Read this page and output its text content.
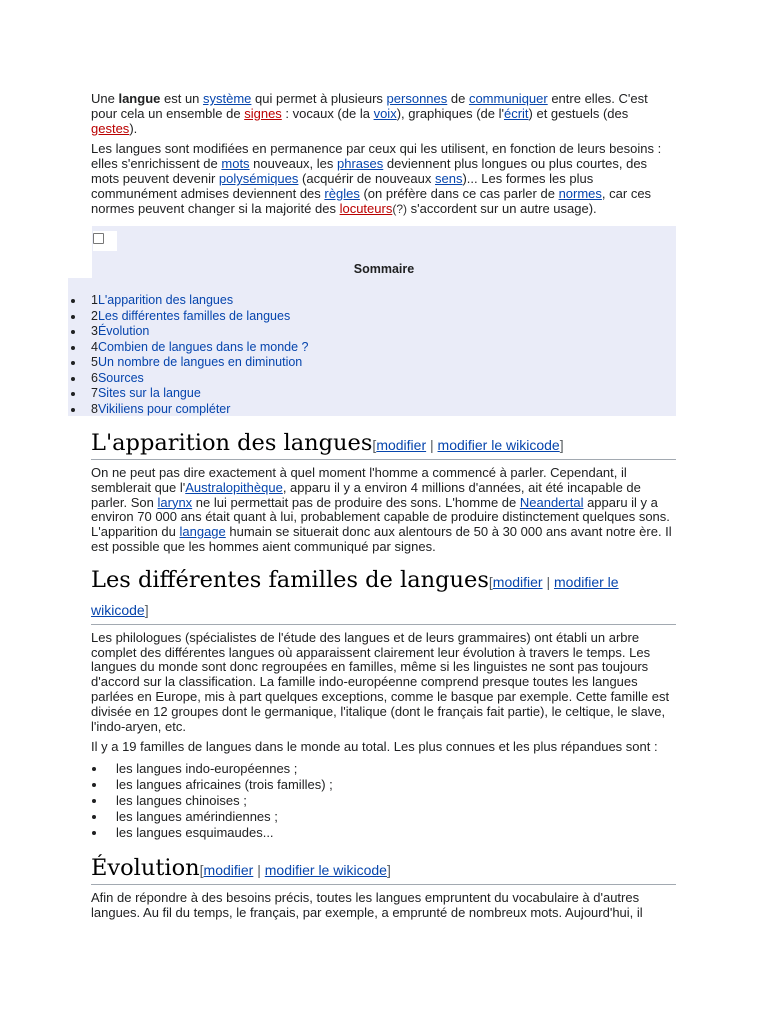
Une langue est un système qui permet à plusieurs personnes de communiquer entre elles. C'est pour cela un ensemble de signes : vocaux (de la voix), graphiques (de l'écrit) et gestuels (des gestes).

Les langues sont modifiées en permanence par ceux qui les utilisent, en fonction de leurs besoins : elles s'enrichissent de mots nouveaux, les phrases deviennent plus longues ou plus courtes, des mots peuvent devenir polysémiques (acquérir de nouveaux sens)... Les formes les plus communément admises deviennent des règles (on préfère dans ce cas parler de normes, car ces normes peuvent changer si la majorité des locuteurs(?) s'accordent sur un autre usage).

Sommaire
1L'apparition des langues
2Les différentes familles de langues
3Évolution
4Combien de langues dans le monde ?
5Un nombre de langues en diminution
6Sources
7Sites sur la langue
8Vikiliens pour compléter
L'apparition des langues[modifier | modifier le wikicode]

On ne peut pas dire exactement à quel moment l'homme a commencé à parler. Cependant, il semblerait que l'Australopithèque, apparu il y a environ 4 millions d'années, ait été incapable de parler. Son larynx ne lui permettait pas de produire des sons. L'homme de Neandertal apparu il y a environ 70 000 ans était quant à lui, probablement capable de produire distinctement quelques sons. L'apparition du langage humain se situerait donc aux alentours de 50 à 30 000 ans avant notre ère. Il est possible que les hommes aient communiqué par signes.

Les différentes familles de langues[modifier | modifier le wikicode]

Les philologues (spécialistes de l'étude des langues et de leurs grammaires) ont établi un arbre complet des différentes langues où apparaissent clairement leur évolution à travers le temps. Les langues du monde sont donc regroupées en familles, même si les linguistes ne sont pas toujours d'accord sur la classification. La famille indo-européenne comprend presque toutes les langues parlées en Europe, mis à part quelques exceptions, comme le basque par exemple. Cette famille est divisée en 12 groupes dont le germanique, l'italique (dont le français fait partie), le celtique, le slave, l'indo-aryen, etc.

Il y a 19 familles de langues dans le monde au total. Les plus connues et les plus répandues sont :

les langues indo-européennes ;
les langues africaines (trois familles) ;
les langues chinoises ;
les langues amérindiennes ;
les langues esquimaudes...
Évolution[modifier | modifier le wikicode]

Afin de répondre à des besoins précis, toutes les langues empruntent du vocabulaire à d'autres langues. Au fil du temps, le français, par exemple, a emprunté de nombreux mots. Aujourd'hui, il
